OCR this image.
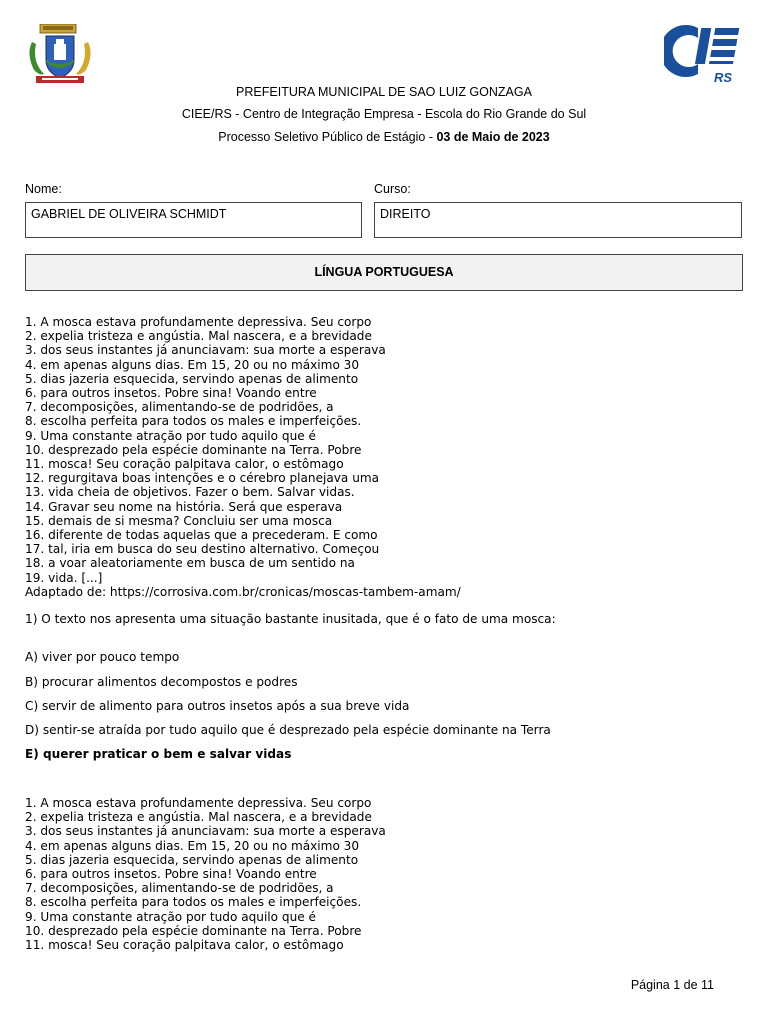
RS
PREFEITURA MUNICIPAL DE SAO LUIZ GONZAGA
CIEE/RS - Centro de Integração Empresa - Escola do Rio Grande do Sul
Processo Seletivo Público de Estágio - 03 de Maio de 2023
Nome:
GABRIEL DE OLIVEIRA SCHMIDT
Curso:
DIREITO
LÍNGUA PORTUGUESA
1. A mosca estava profundamente depressiva. Seu corpo
2. expelia tristeza e angústia. Mal nascera, e a brevidade
3. dos seus instantes já anunciavam: sua morte a esperava
4. em apenas alguns dias. Em 15, 20 ou no máximo 30
5. dias jazeria esquecida, servindo apenas de alimento
6. para outros insetos. Pobre sina! Voando entre
7. decomposições, alimentando-se de podridões, a
8. escolha perfeita para todos os males e imperfeições.
9. Uma constante atração por tudo aquilo que é
10. desprezado pela espécie dominante na Terra. Pobre
11. mosca! Seu coração palpitava calor, o estômago
12. regurgitava boas intenções e o cérebro planejava uma
13. vida cheia de objetivos. Fazer o bem. Salvar vidas.
14. Gravar seu nome na história. Será que esperava
15. demais de si mesma? Concluiu ser uma mosca
16. diferente de todas aquelas que a precederam. E como
17. tal, iria em busca do seu destino alternativo. Começou
18. a voar aleatoriamente em busca de um sentido na
19. vida. [...]
Adaptado de: https://corrosiva.com.br/cronicas/moscas-tambem-amam/
1) O texto nos apresenta uma situação bastante inusitada, que é o fato de uma mosca:
A) viver por pouco tempo
B) procurar alimentos decompostos e podres
C) servir de alimento para outros insetos após a sua breve vida
D) sentir-se atraída por tudo aquilo que é desprezado pela espécie dominante na Terra
E) querer praticar o bem e salvar vidas
1. A mosca estava profundamente depressiva. Seu corpo
2. expelia tristeza e angústia. Mal nascera, e a brevidade
3. dos seus instantes já anunciavam: sua morte a esperava
4. em apenas alguns dias. Em 15, 20 ou no máximo 30
5. dias jazeria esquecida, servindo apenas de alimento
6. para outros insetos. Pobre sina! Voando entre
7. decomposições, alimentando-se de podridões, a
8. escolha perfeita para todos os males e imperfeições.
9. Uma constante atração por tudo aquilo que é
10. desprezado pela espécie dominante na Terra. Pobre
11. mosca! Seu coração palpitava calor, o estômago
Página 1 de 11
